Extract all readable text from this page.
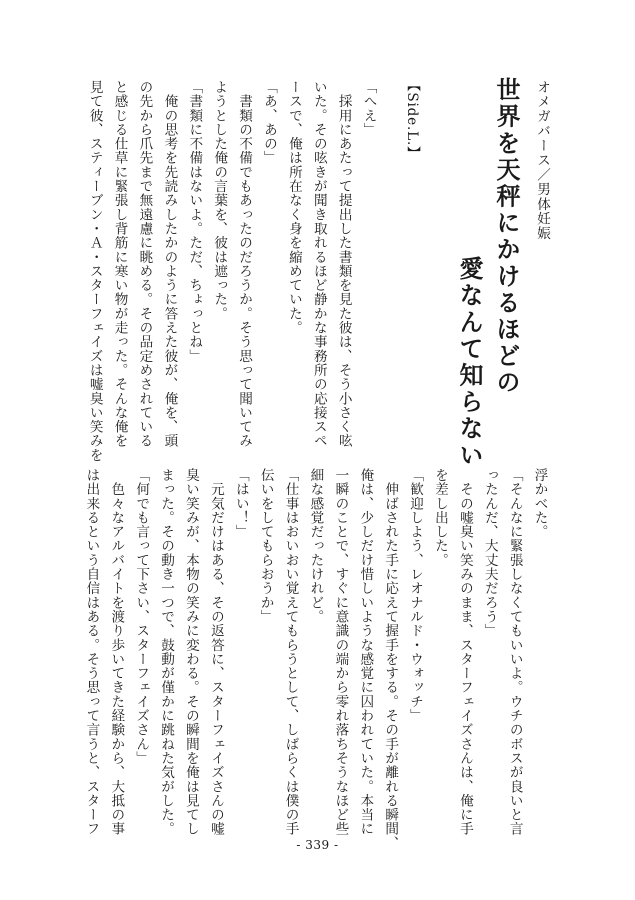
オメガバース／男体妊娠
世界を天秤にかけるほどの
愛なんて知らない
【Side.L.】
「へえ」
　採用にあたって提出した書類を見た彼は、そう小さく呟
いた。その呟きが聞き取れるほど静かな事務所の応接スペ
ースで、俺は所在なく身を縮めていた。
「あ、あの」
　書類の不備でもあったのだろうか。そう思って聞いてみ
ようとした俺の言葉を、彼は遮った。
「書類に不備はないよ。ただ、ちょっとね」
　俺の思考を先読みしたかのように答えた彼が、俺を、頭
の先から爪先まで無遠慮に眺める。その品定めされている
と感じる仕草に緊張し背筋に寒い物が走った。そんな俺を
見て彼、スティーブン・Ａ・スターフェイズは嘘臭い笑みを
浮かべた。
「そんなに緊張しなくてもいいよ。ウチのボスが良いと言
ったんだ、大丈夫だろう」
　その嘘臭い笑みのまま、スターフェイズさんは、俺に手
を差し出した。
「歓迎しよう、レオナルド・ウォッチ」
　伸ばされた手に応えて握手をする。その手が離れる瞬間、
俺は、少しだけ惜しいような感覚に囚われていた。本当に
一瞬のことで、すぐに意識の端から零れ落ちそうなほど些
細な感覚だったけれど。
「仕事はおいおい覚えてもらうとして、しばらくは僕の手
伝いをしてもらおうか」
「はい！」
　元気だけはある、その返答に、スターフェイズさんの嘘
臭い笑みが、本物の笑みに変わる。その瞬間を俺は見てし
まった。その動き一つで、鼓動が僅かに跳ねた気がした。
「何でも言って下さい、スターフェイズさん」
　色々なアルバイトを渡り歩いてきた経験から、大抵の事
は出来るという自信はある。そう思って言うと、スターフ
- 339 -
